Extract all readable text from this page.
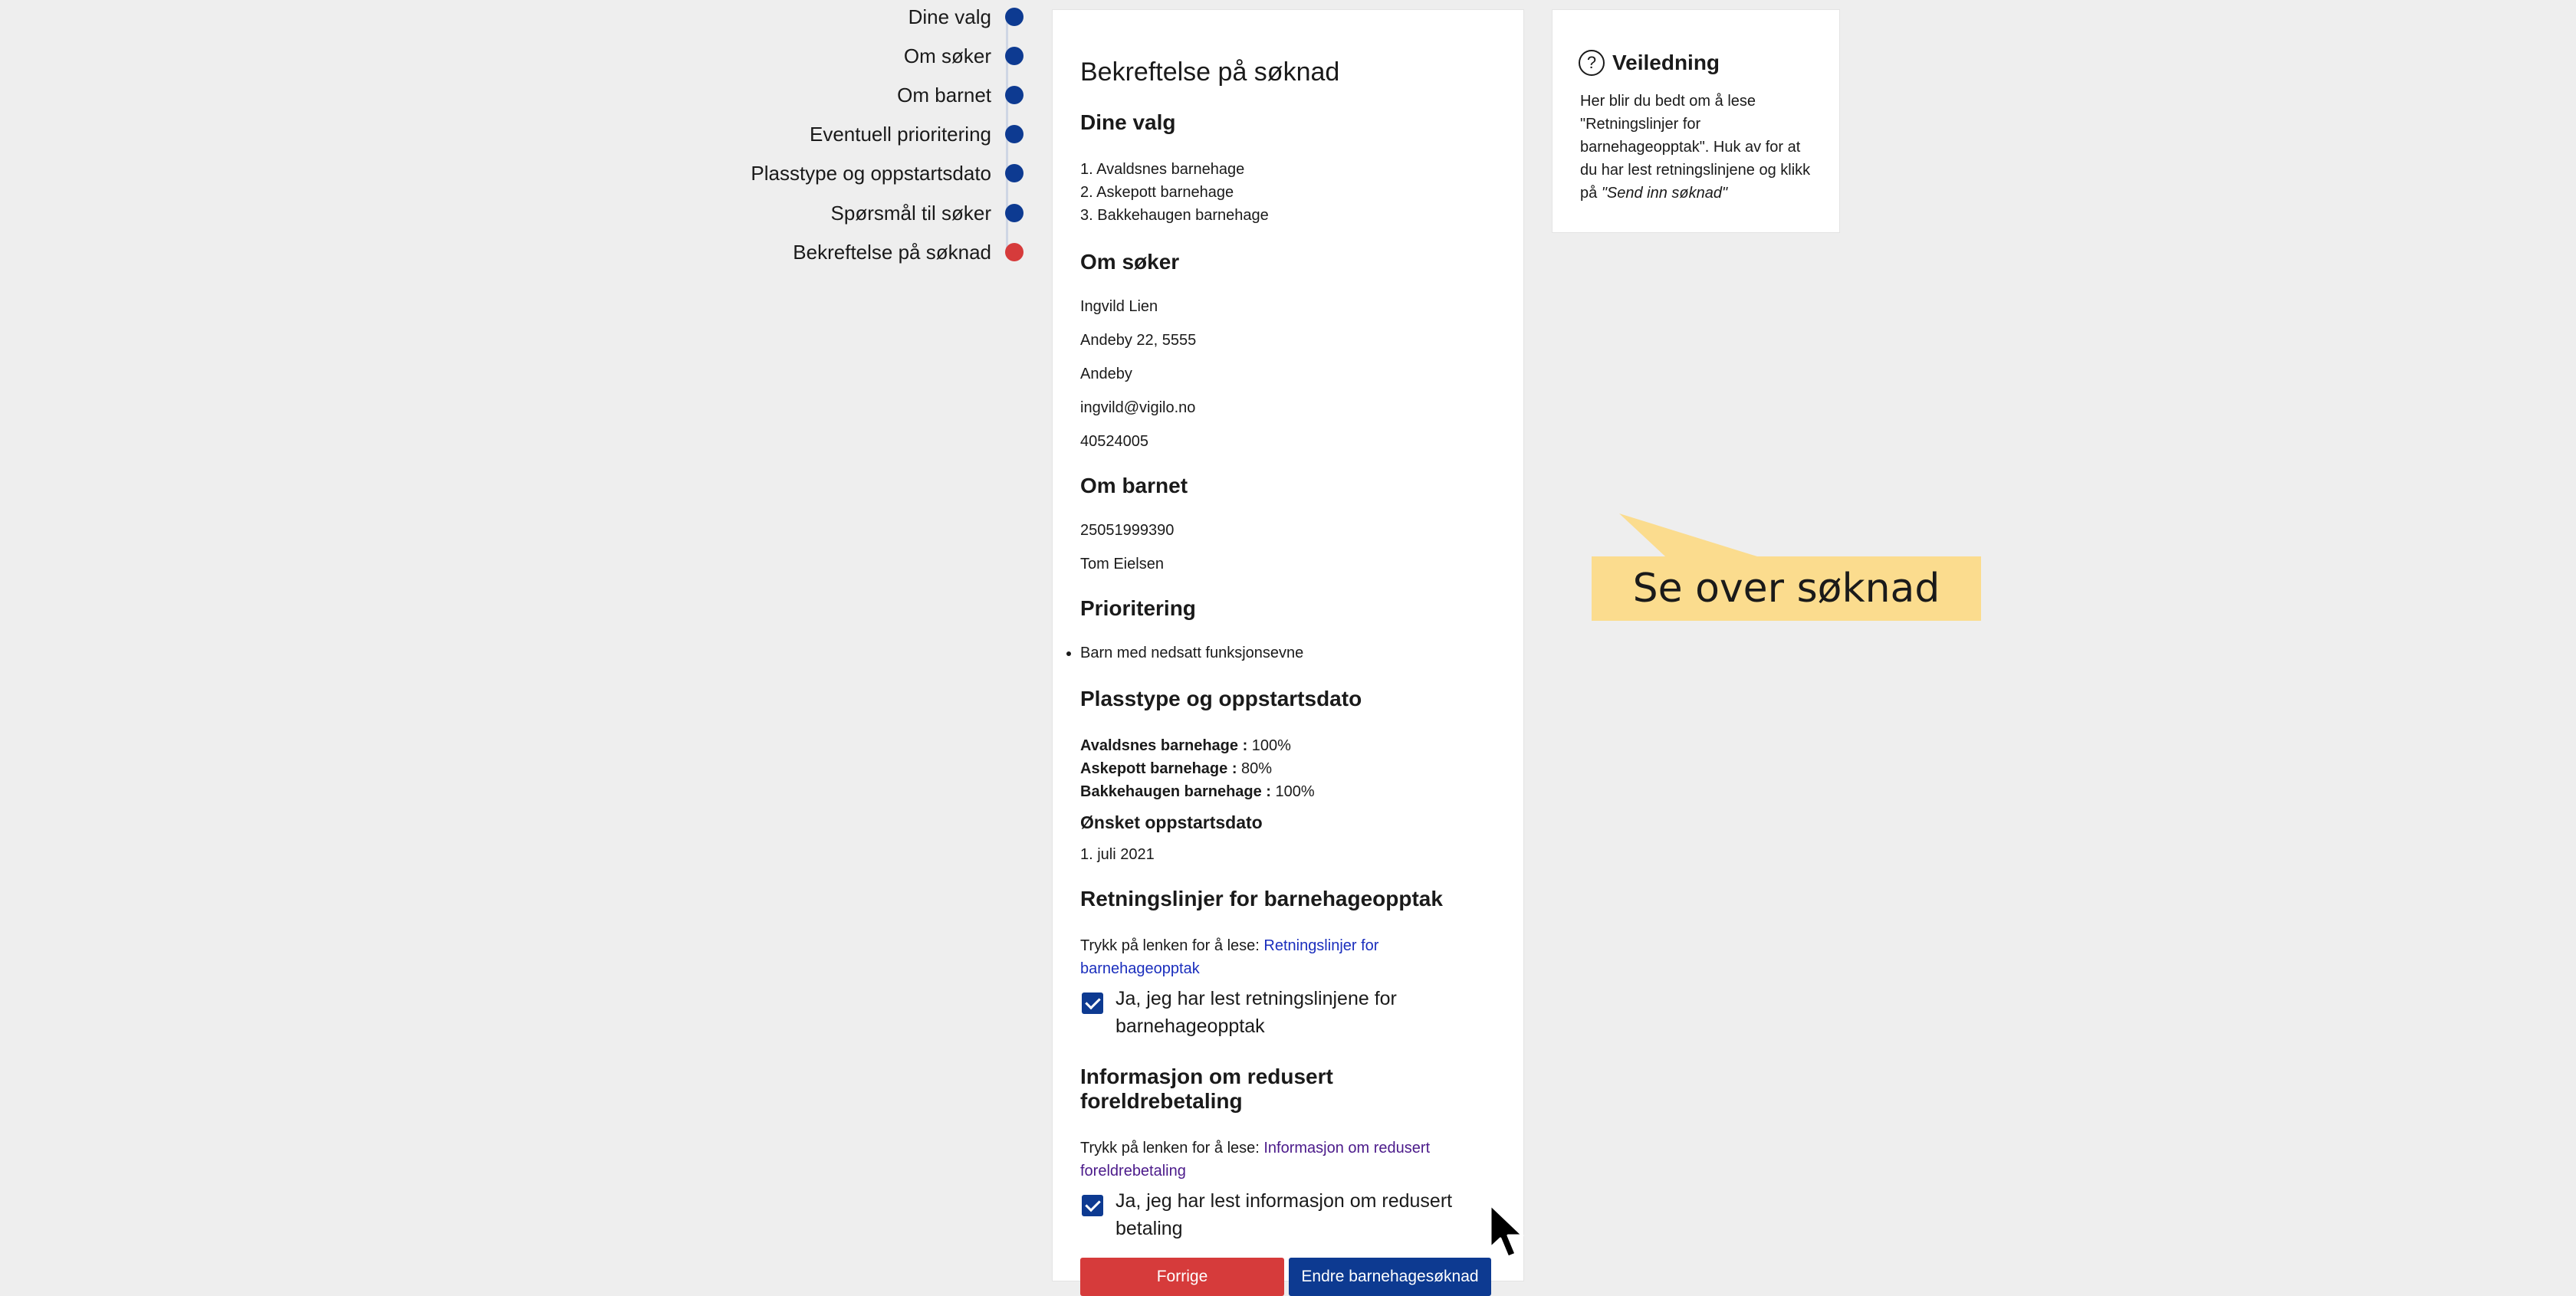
Dine valg
Om søker
Om barnet
Eventuell prioritering
Plasstype og oppstartsdato
Spørsmål til søker
Bekreftelse på søknad
Bekreftelse på søknad
Dine valg
1. Avaldsnes barnehage
2. Askepott barnehage
3. Bakkehaugen barnehage
Om søker
Ingvild Lien
Andeby 22, 5555
Andeby
ingvild@vigilo.no
40524005
Om barnet
25051999390
Tom Eielsen
Prioritering
• Barn med nedsatt funksjonsevne
Plasstype og oppstartsdato
Avaldsnes barnehage : 100%
Askepott barnehage : 80%
Bakkehaugen barnehage : 100%
Ønsket oppstartsdato
1. juli 2021
Retningslinjer for barnehageopptak
Trykk på lenken for å lese: Retningslinjer for barnehageopptak
Ja, jeg har lest retningslinjene for barnehageopptak
Informasjon om redusert foreldrebetaling
Trykk på lenken for å lese: Informasjon om redusert foreldrebetaling
Ja, jeg har lest informasjon om redusert betaling
Forrige	Endre barnehagesøknad
? Veiledning
Her blir du bedt om å lese "Retningslinjer for barnehageopptak". Huk av for at du har lest retningslinjene og klikk på "Send inn søknad"
Se over søknad
